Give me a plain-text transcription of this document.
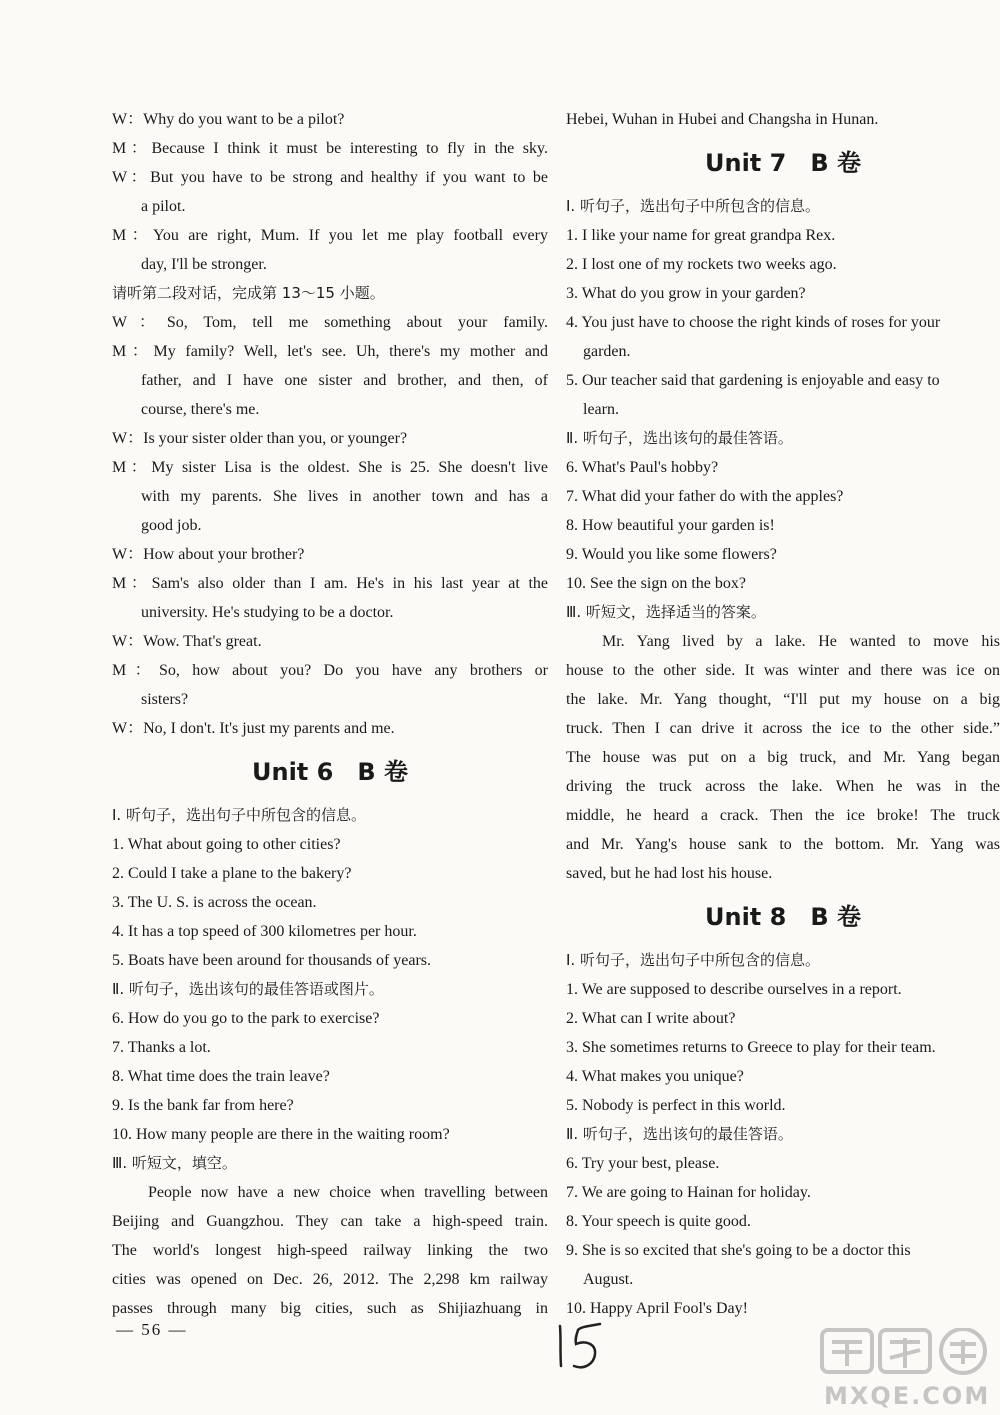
W：Why do you want to be a pilot?
M：Because I think it must be interesting to fly in the sky.
W：But you have to be strong and healthy if you want to be
a pilot.
M：You are right, Mum. If you let me play football every
day, I'll be stronger.
请听第二段对话，完成第 13～15 小题。
W：So, Tom, tell me something about your family.
M：My family? Well, let's see. Uh, there's my mother and
father, and I have one sister and brother, and then, of
course, there's me.
W：Is your sister older than you, or younger?
M：My sister Lisa is the oldest. She is 25. She doesn't live
with my parents. She lives in another town and has a
good job.
W：How about your brother?
M：Sam's also older than I am. He's in his last year at the
university. He's studying to be a doctor.
W：Wow. That's great.
M：So, how about you? Do you have any brothers or
sisters?
W：No, I don't. It's just my parents and me.
Unit 6 B 卷
Ⅰ. 听句子，选出句子中所包含的信息。
1. What about going to other cities?
2. Could I take a plane to the bakery?
3. The U. S. is across the ocean.
4. It has a top speed of 300 kilometres per hour.
5. Boats have been around for thousands of years.
Ⅱ. 听句子，选出该句的最佳答语或图片。
6. How do you go to the park to exercise?
7. Thanks a lot.
8. What time does the train leave?
9. Is the bank far from here?
10. How many people are there in the waiting room?
Ⅲ. 听短文，填空。
People now have a new choice when travelling between
Beijing and Guangzhou. They can take a high-speed train.
The world's longest high-speed railway linking the two
cities was opened on Dec. 26, 2012. The 2,298 km railway
passes through many big cities, such as Shijiazhuang in
Hebei, Wuhan in Hubei and Changsha in Hunan.
Unit 7 B 卷
Ⅰ. 听句子，选出句子中所包含的信息。
1. I like your name for great grandpa Rex.
2. I lost one of my rockets two weeks ago.
3. What do you grow in your garden?
4. You just have to choose the right kinds of roses for your
garden.
5. Our teacher said that gardening is enjoyable and easy to
learn.
Ⅱ. 听句子，选出该句的最佳答语。
6. What's Paul's hobby?
7. What did your father do with the apples?
8. How beautiful your garden is!
9. Would you like some flowers?
10. See the sign on the box?
Ⅲ. 听短文，选择适当的答案。
Mr. Yang lived by a lake. He wanted to move his
house to the other side. It was winter and there was ice on
the lake. Mr. Yang thought, “I'll put my house on a big
truck. Then I can drive it across the ice to the other side.”
The house was put on a big truck, and Mr. Yang began
driving the truck across the lake. When he was in the
middle, he heard a crack. Then the ice broke! The truck
and Mr. Yang's house sank to the bottom. Mr. Yang was
saved, but he had lost his house.
Unit 8 B 卷
Ⅰ. 听句子，选出句子中所包含的信息。
1. We are supposed to describe ourselves in a report.
2. What can I write about?
3. She sometimes returns to Greece to play for their team.
4. What makes you unique?
5. Nobody is perfect in this world.
Ⅱ. 听句子，选出该句的最佳答语。
6. Try your best, please.
7. We are going to Hainan for holiday.
8. Your speech is quite good.
9. She is so excited that she's going to be a doctor this
August.
10. Happy April Fool's Day!
— 56 —
MXQE.COM
